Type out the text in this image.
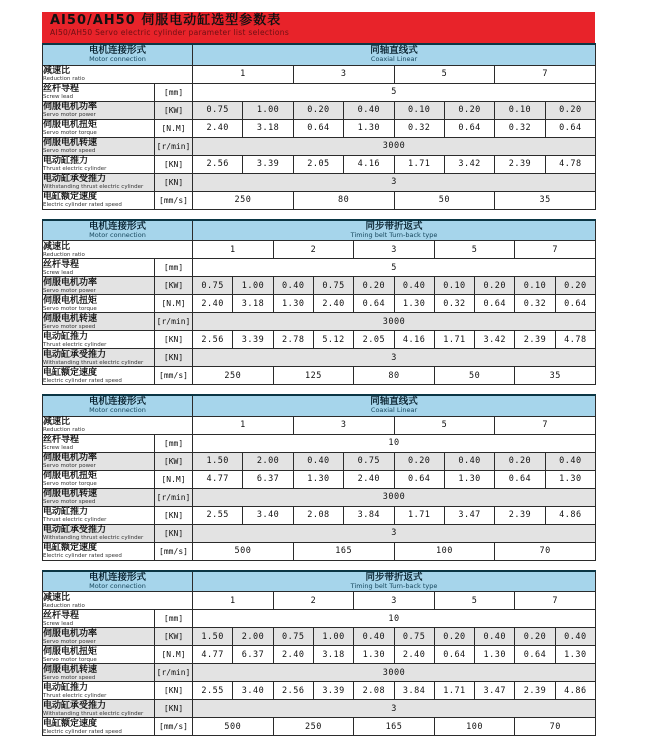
AI50/AH50 伺服电动缸选型参数表
AI50/AH50 Servo electric cylinder parameter list selections
电机连接形式
Motor connection

同轴直线式
Coaxial Linear

减速比
Reduction ratio		1		3		5		7	

丝杆导程
Screw lead	[mm]	5							

伺服电机功率
Servo motor power	[KW]	0.75	1.00	0.20	0.40	0.10	0.20	0.10	0.20

伺服电机扭矩
Servo motor torque	[N.M]	2.40	3.18	0.64	1.30	0.32	0.64	0.32	0.64

伺服电机转速
Servo motor speed	[r/min]	3000							

电动缸推力
Thrust electric cylinder	[KN]	2.56	3.39	2.05	4.16	1.71	3.42	2.39	4.78

电动缸承受推力
Withstanding thrust electric cylinder	[KN]	3							

电缸额定速度
Electric cylinder rated speed	[mm/s]	250		80		50		35	
电机连接形式
Motor connection

同步带折返式
Timing belt Turn-back type

减速比
Reduction ratio		1		2		3		5		7	

丝杆导程
Screw lead	[mm]	5									

伺服电机功率
Servo motor power	[KW]	0.75	1.00	0.40	0.75	0.20	0.40	0.10	0.20	0.10	0.20

伺服电机扭矩
Servo motor torque	[N.M]	2.40	3.18	1.30	2.40	0.64	1.30	0.32	0.64	0.32	0.64

伺服电机转速
Servo motor speed	[r/min]	3000									

电动缸推力
Thrust electric cylinder	[KN]	2.56	3.39	2.78	5.12	2.05	4.16	1.71	3.42	2.39	4.78

电动缸承受推力
Withstanding thrust electric cylinder	[KN]	3									

电缸额定速度
Electric cylinder rated speed	[mm/s]	250		125		80		50		35	
电机连接形式
Motor connection

同轴直线式
Coaxial Linear

减速比
Reduction ratio		1		3		5		7	

丝杆导程
Screw lead	[mm]	10							

伺服电机功率
Servo motor power	[KW]	1.50	2.00	0.40	0.75	0.20	0.40	0.20	0.40

伺服电机扭矩
Servo motor torque	[N.M]	4.77	6.37	1.30	2.40	0.64	1.30	0.64	1.30

伺服电机转速
Servo motor speed	[r/min]	3000							

电动缸推力
Thrust electric cylinder	[KN]	2.55	3.40	2.08	3.84	1.71	3.47	2.39	4.86

电动缸承受推力
Withstanding thrust electric cylinder	[KN]	3							

电缸额定速度
Electric cylinder rated speed	[mm/s]	500		165		100		70	
电机连接形式
Motor connection

同步带折返式
Timing belt Turn-back type

减速比
Reduction ratio		1		2		3		5		7	

丝杆导程
Screw lead	[mm]	10									

伺服电机功率
Servo motor power	[KW]	1.50	2.00	0.75	1.00	0.40	0.75	0.20	0.40	0.20	0.40

伺服电机扭矩
Servo motor torque	[N.M]	4.77	6.37	2.40	3.18	1.30	2.40	0.64	1.30	0.64	1.30

伺服电机转速
Servo motor speed	[r/min]	3000									

电动缸推力
Thrust electric cylinder	[KN]	2.55	3.40	2.56	3.39	2.08	3.84	1.71	3.47	2.39	4.86

电动缸承受推力
Withstanding thrust electric cylinder	[KN]	3									

电缸额定速度
Electric cylinder rated speed	[mm/s]	500		250		165		100		70	
